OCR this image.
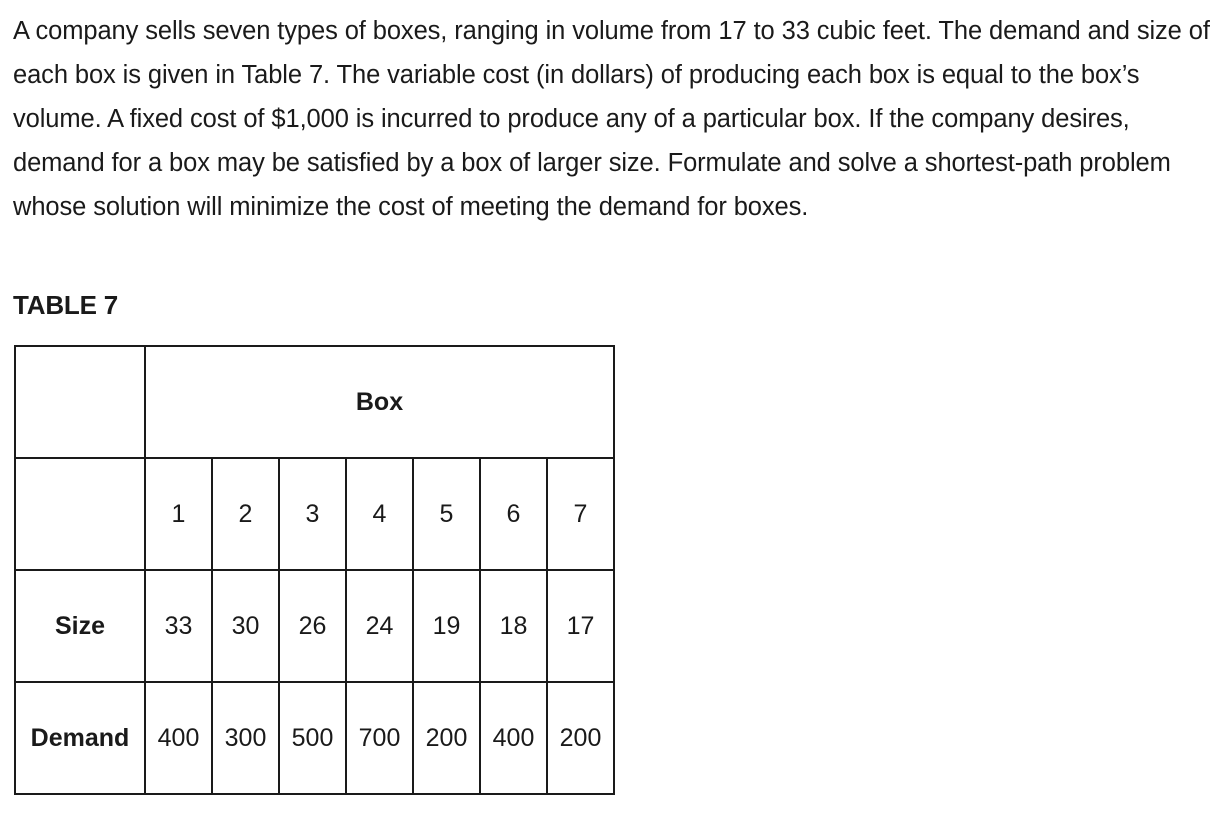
A company sells seven types of boxes, ranging in volume from 17 to 33 cubic feet. The demand and size of each box is given in Table 7. The variable cost (in dollars) of producing each box is equal to the box’s volume. A fixed cost of $1,000 is incurred to produce any of a particular box. If the company desires, demand for a box may be satisfied by a box of larger size. Formulate and solve a shortest-path problem whose solution will minimize the cost of meeting the demand for boxes.

TABLE 7

	Box						
	1	2	3	4	5	6	7
Size	33	30	26	24	19	18	17
Demand	400	300	500	700	200	400	200
